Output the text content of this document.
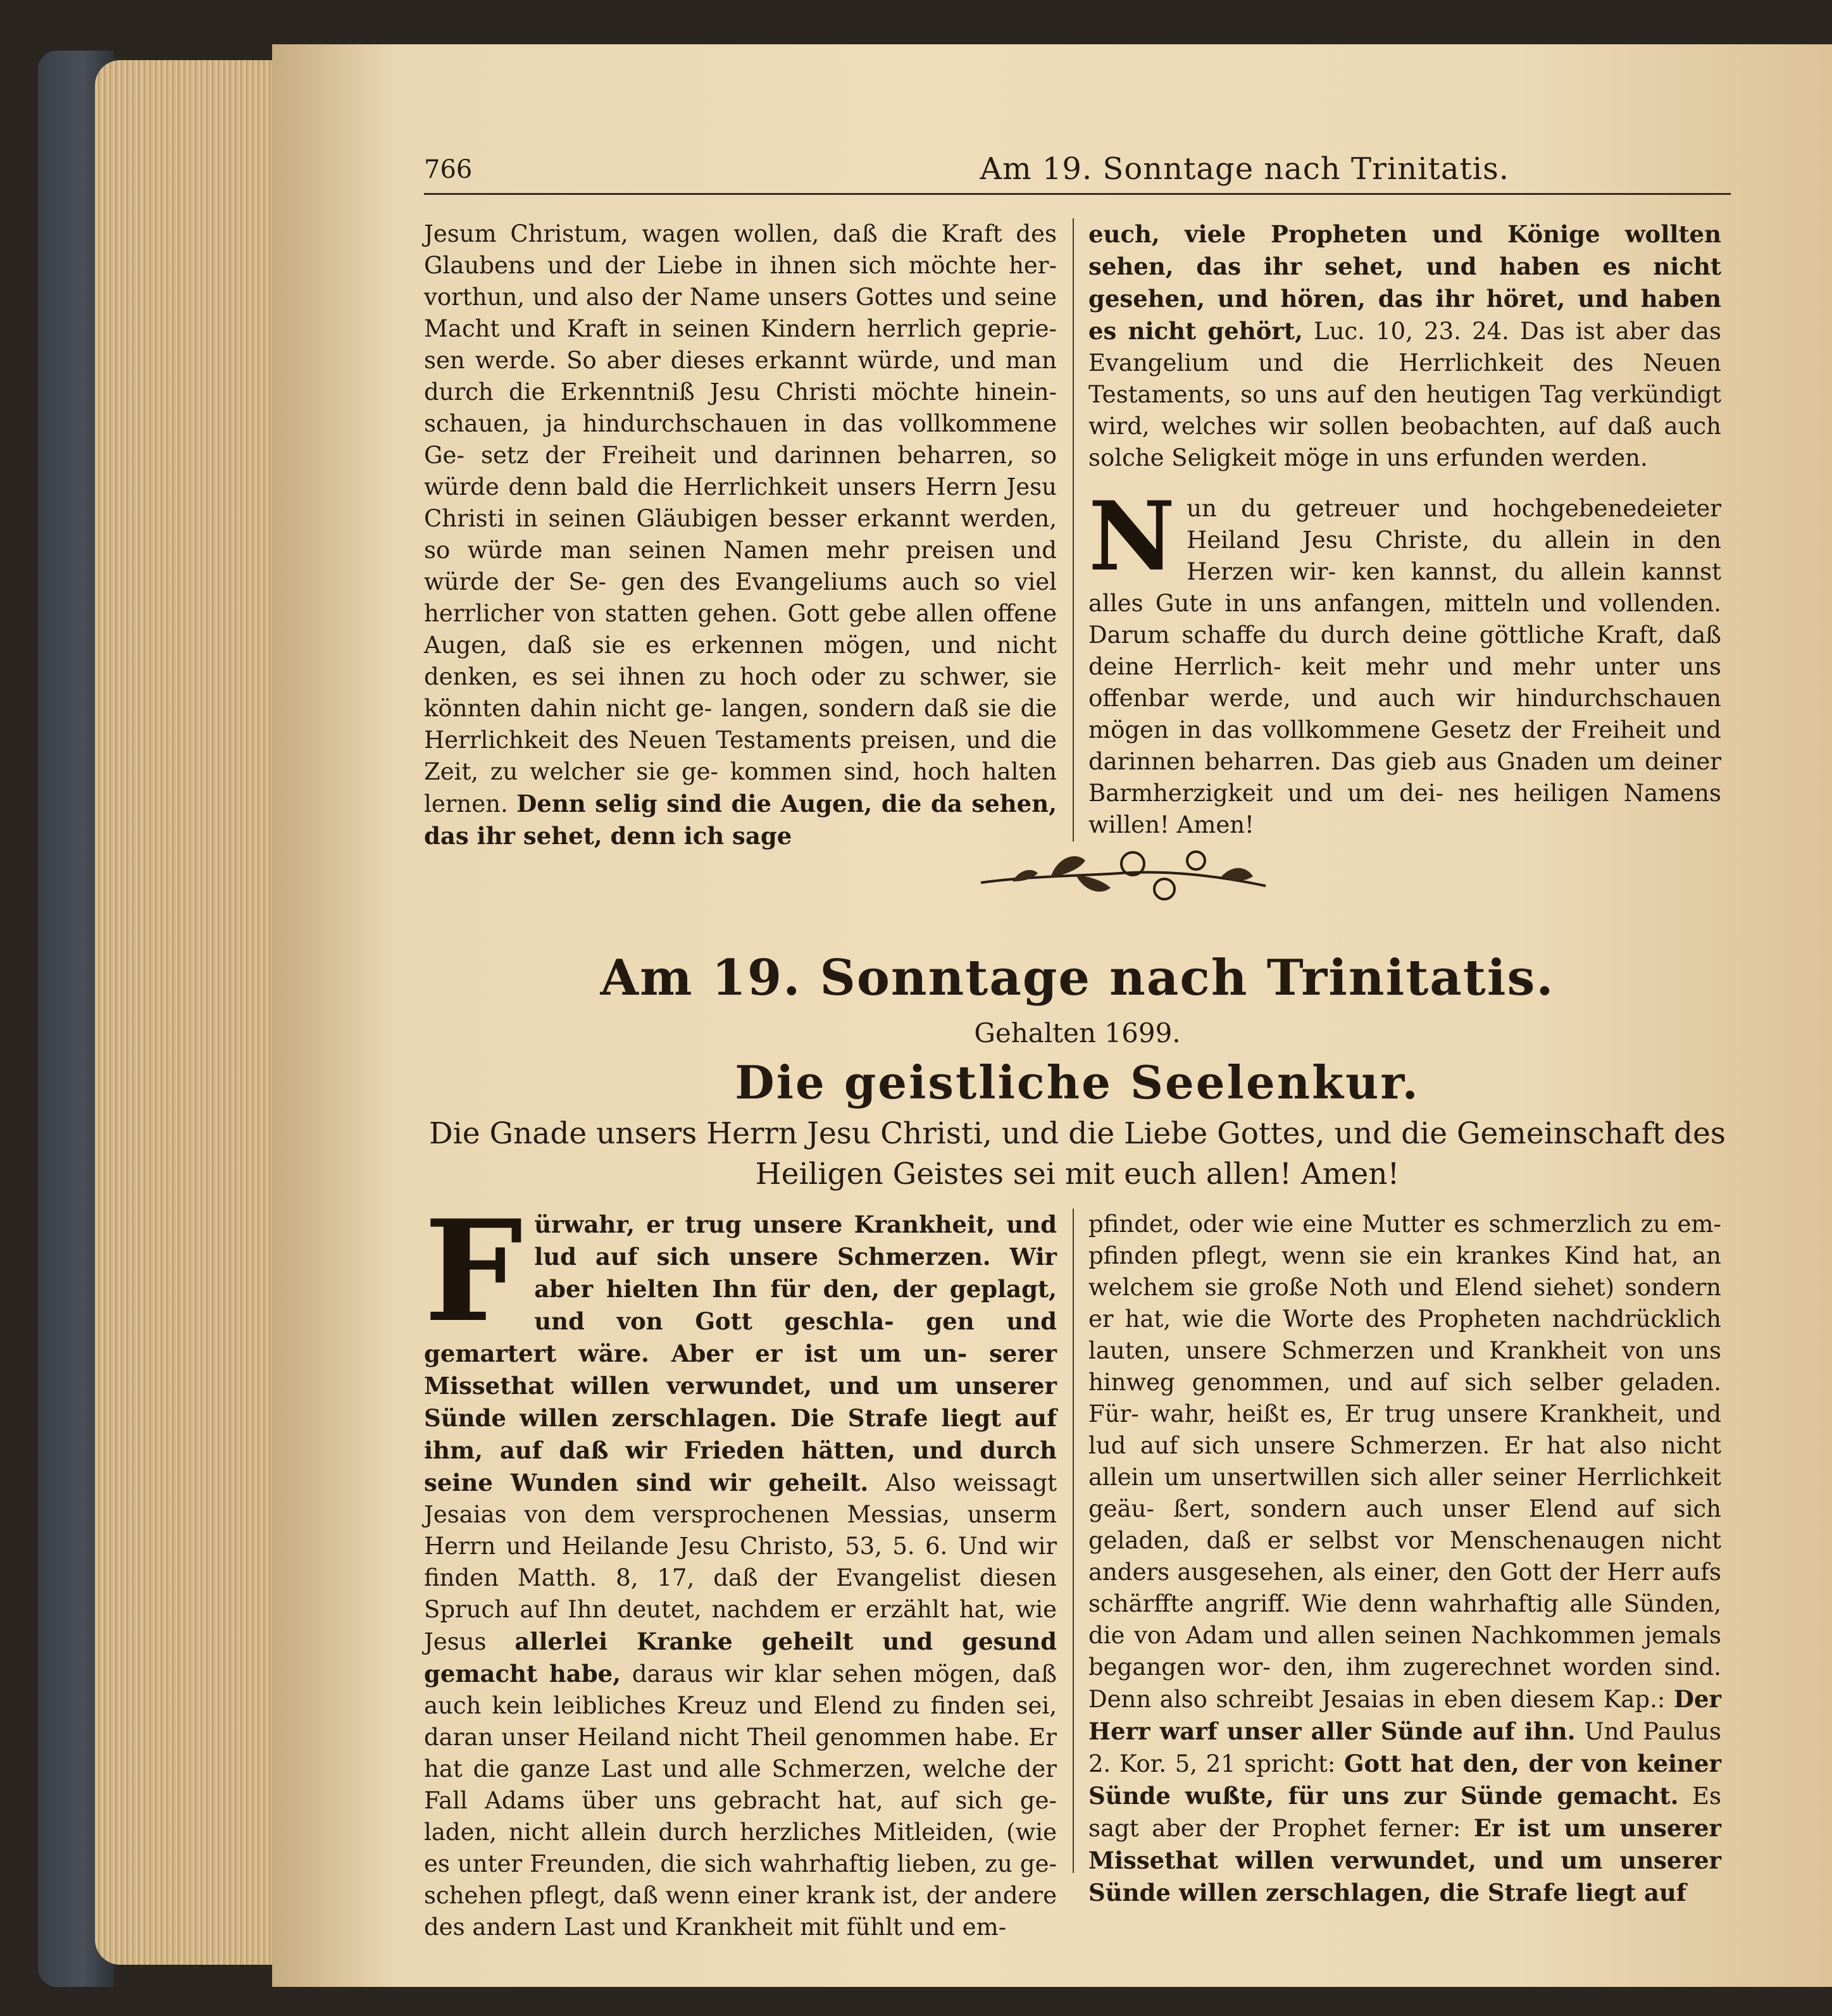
766	Am 19. Sonntage nach Trinitatis.

Jesum Christum, wagen wollen, daß die Kraft des Glaubens und der Liebe in ihnen sich möchte her- vorthun, und also der Name unsers Gottes und seine Macht und Kraft in seinen Kindern herrlich geprie- sen werde. So aber dieses erkannt würde, und man durch die Erkenntniß Jesu Christi möchte hinein- schauen, ja hindurchschauen in das vollkommene Ge- setz der Freiheit und darinnen beharren, so würde denn bald die Herrlichkeit unsers Herrn Jesu Christi in seinen Gläubigen besser erkannt werden, so würde man seinen Namen mehr preisen und würde der Se- gen des Evangeliums auch so viel herrlicher von statten gehen. Gott gebe allen offene Augen, daß sie es erkennen mögen, und nicht denken, es sei ihnen zu hoch oder zu schwer, sie könnten dahin nicht ge- langen, sondern daß sie die Herrlichkeit des Neuen Testaments preisen, und die Zeit, zu welcher sie ge- kommen sind, hoch halten lernen. Denn selig sind die Augen, die da sehen, das ihr sehet, denn ich sage

euch, viele Propheten und Könige wollten sehen, das ihr sehet, und haben es nicht gesehen, und hören, das ihr höret, und haben es nicht gehört, Luc. 10, 23. 24. Das ist aber das Evangelium und die Herrlichkeit des Neuen Testaments, so uns auf den heutigen Tag verkündigt wird, welches wir sollen beobachten, auf daß auch solche Seligkeit möge in uns erfunden werden.

Nun du getreuer und hochgebenedeieter Heiland Jesu Christe, du allein in den Herzen wir- ken kannst, du allein kannst alles Gute in uns anfangen, mitteln und vollenden. Darum schaffe du durch deine göttliche Kraft, daß deine Herrlich- keit mehr und mehr unter uns offenbar werde, und auch wir hindurchschauen mögen in das vollkommene Gesetz der Freiheit und darinnen beharren. Das gieb aus Gnaden um deiner Barmherzigkeit und um dei- nes heiligen Namens willen! Amen!

Am 19. Sonntage nach Trinitatis.
Gehalten 1699.
Die geistliche Seelenkur.
Die Gnade unsers Herrn Jesu Christi, und die Liebe Gottes, und die Gemeinschaft des Heiligen Geistes sei mit euch allen! Amen!

Fürwahr, er trug unsere Krankheit, und lud auf sich unsere Schmerzen. Wir aber hielten Ihn für den, der geplagt, und von Gott geschla- gen und gemartert wäre. Aber er ist um un- serer Missethat willen verwundet, und um unserer Sünde willen zerschlagen. Die Strafe liegt auf ihm, auf daß wir Frieden hätten, und durch seine Wunden sind wir geheilt. Also weissagt Jesaias von dem versprochenen Messias, unserm Herrn und Heilande Jesu Christo, 53, 5. 6. Und wir finden Matth. 8, 17, daß der Evangelist diesen Spruch auf Ihn deutet, nachdem er erzählt hat, wie Jesus allerlei Kranke geheilt und gesund gemacht habe, daraus wir klar sehen mögen, daß auch kein leibliches Kreuz und Elend zu finden sei, daran unser Heiland nicht Theil genommen habe. Er hat die ganze Last und alle Schmerzen, welche der Fall Adams über uns gebracht hat, auf sich ge- laden, nicht allein durch herzliches Mitleiden, (wie es unter Freunden, die sich wahrhaftig lieben, zu ge- schehen pflegt, daß wenn einer krank ist, der andere des andern Last und Krankheit mit fühlt und em-

pfindet, oder wie eine Mutter es schmerzlich zu em- pfinden pflegt, wenn sie ein krankes Kind hat, an welchem sie große Noth und Elend siehet) sondern er hat, wie die Worte des Propheten nachdrücklich lauten, unsere Schmerzen und Krankheit von uns hinweg genommen, und auf sich selber geladen. Für- wahr, heißt es, Er trug unsere Krankheit, und lud auf sich unsere Schmerzen. Er hat also nicht allein um unsertwillen sich aller seiner Herrlichkeit geäu- ßert, sondern auch unser Elend auf sich geladen, daß er selbst vor Menschenaugen nicht anders ausgesehen, als einer, den Gott der Herr aufs schärffte angriff. Wie denn wahrhaftig alle Sünden, die von Adam und allen seinen Nachkommen jemals begangen wor- den, ihm zugerechnet worden sind. Denn also schreibt Jesaias in eben diesem Kap.: Der Herr warf unser aller Sünde auf ihn. Und Paulus 2. Kor. 5, 21 spricht: Gott hat den, der von keiner Sünde wußte, für uns zur Sünde gemacht. Es sagt aber der Prophet ferner: Er ist um unserer Missethat willen verwundet, und um unserer Sünde willen zerschlagen, die Strafe liegt auf
